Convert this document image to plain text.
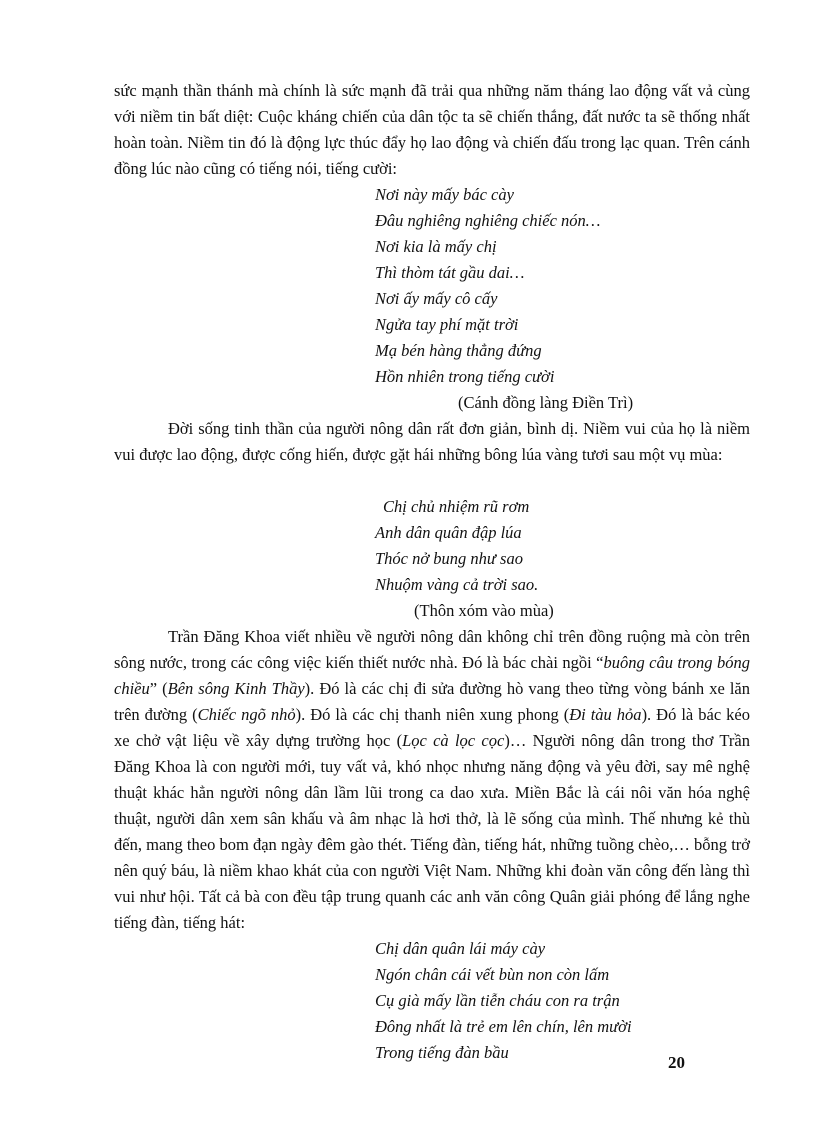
sức mạnh thần thánh mà chính là sức mạnh đã trải qua những năm tháng lao động vất vả cùng với niềm tin bất diệt: Cuộc kháng chiến của dân tộc ta sẽ chiến thắng, đất nước ta sẽ thống nhất hoàn toàn. Niềm tin đó là động lực thúc đẩy họ lao động và chiến đấu trong lạc quan. Trên cánh đồng lúc nào cũng có tiếng nói, tiếng cười:

Nơi này mấy bác cày
Đâu nghiêng nghiêng chiếc nón…
Nơi kia là mấy chị
Thì thòm tát gầu dai…
Nơi ấy mấy cô cấy
Ngửa tay phí mặt trời
Mạ bén hàng thẳng đứng
Hồn nhiên trong tiếng cười
(Cánh đồng làng Điền Trì)

Đời sống tinh thần của người nông dân rất đơn giản, bình dị. Niềm vui của họ là niềm vui được lao động, được cống hiến, được gặt hái những bông lúa vàng tươi sau một vụ mùa:

Chị chủ nhiệm rũ rơm
Anh dân quân đập lúa
Thóc nở bung như sao
Nhuộm vàng cả trời sao.
(Thôn xóm vào mùa)

Trần Đăng Khoa viết nhiều về người nông dân không chỉ trên đồng ruộng mà còn trên sông nước, trong các công việc kiến thiết nước nhà. Đó là bác chài ngồi “buông câu trong bóng chiều” (Bên sông Kinh Thầy). Đó là các chị đi sửa đường hò vang theo từng vòng bánh xe lăn trên đường (Chiếc ngõ nhỏ). Đó là các chị thanh niên xung phong (Đi tàu hỏa). Đó là bác kéo xe chở vật liệu về xây dựng trường học (Lọc cà lọc cọc)… Người nông dân trong thơ Trần Đăng Khoa là con người mới, tuy vất vả, khó nhọc nhưng năng động và yêu đời, say mê nghệ thuật khác hẳn người nông dân lầm lũi trong ca dao xưa. Miền Bắc là cái nôi văn hóa nghệ thuật, người dân xem sân khấu và âm nhạc là hơi thở, là lẽ sống của mình. Thế nhưng kẻ thù đến, mang theo bom đạn ngày đêm gào thét. Tiếng đàn, tiếng hát, những tuồng chèo,… bỗng trở nên quý báu, là niềm khao khát của con người Việt Nam. Những khi đoàn văn công đến làng thì vui như hội. Tất cả bà con đều tập trung quanh các anh văn công Quân giải phóng để lắng nghe tiếng đàn, tiếng hát:

Chị dân quân lái máy cày
Ngón chân cái vết bùn non còn lấm
Cụ già mấy lần tiễn cháu con ra trận
Đông nhất là trẻ em lên chín, lên mười
Trong tiếng đàn bầu
20
